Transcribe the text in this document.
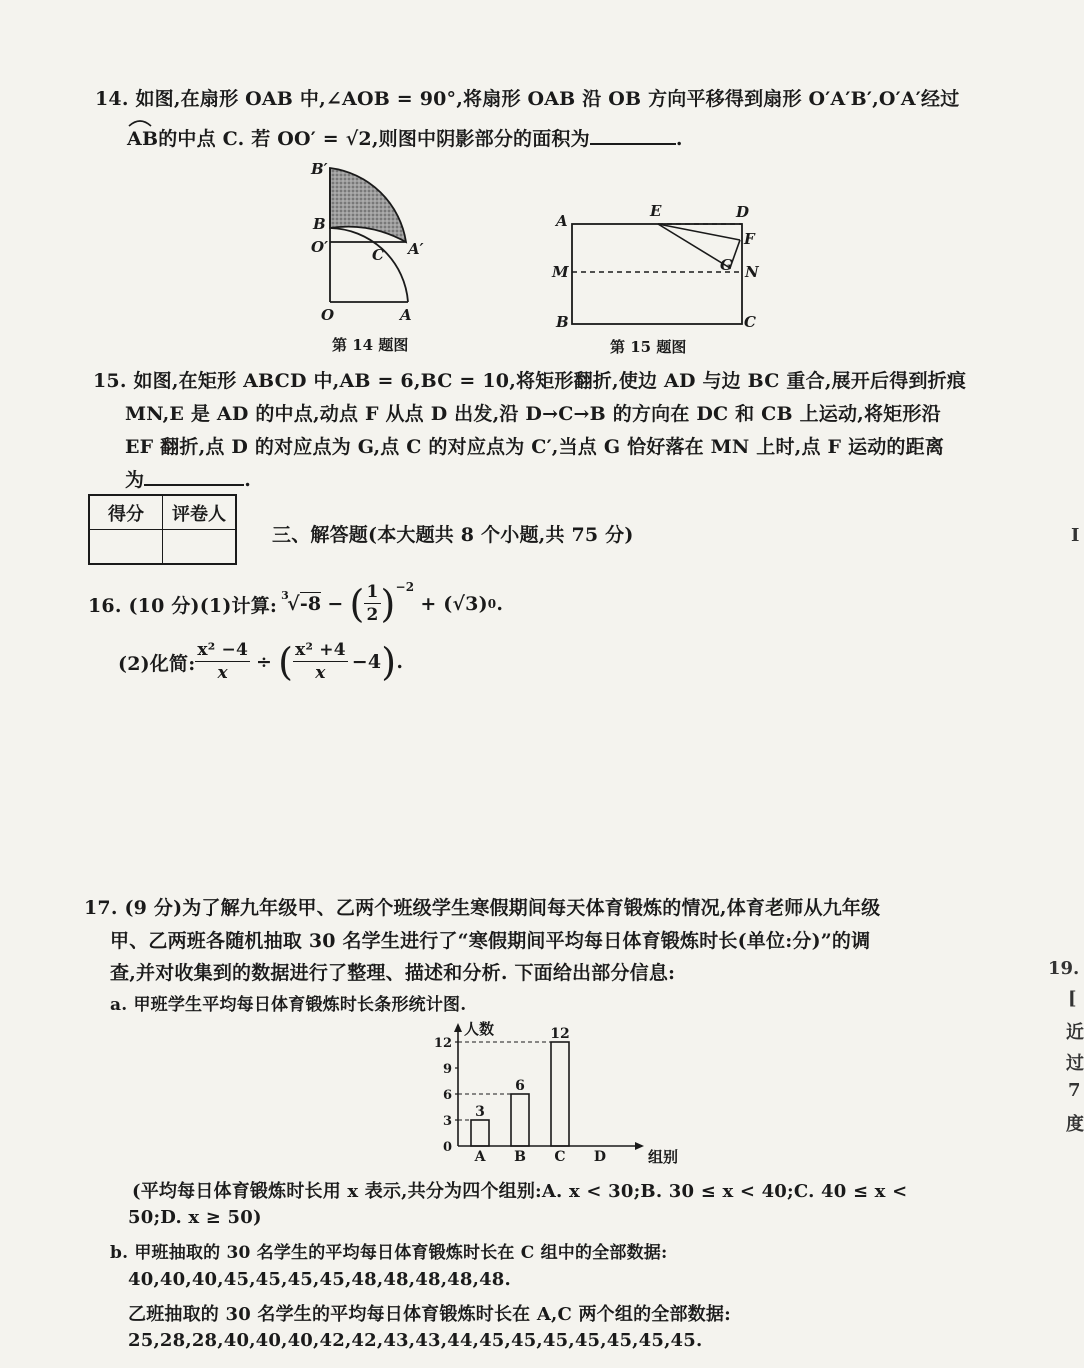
14. 如图,在扇形 OAB 中,∠AOB = 90°,将扇形 OAB 沿 OB 方向平移得到扇形 O′A′B′,O′A′经过
AB的中点 C. 若 OO′ = √2,则图中阴影部分的面积为	.
B′
B
O′	C A′
O	A
第 14 题图
A
E	D
F
G
M	N
B	C
第 15 题图
15. 如图,在矩形 ABCD 中,AB = 6,BC = 10,将矩形翻折,使边 AD 与边 BC 重合,展开后得到折痕
MN,E 是 AD 的中点,动点 F 从点 D 出发,沿 D→C→B 的方向在 DC 和 CB 上运动,将矩形沿
EF 翻折,点 D 的对应点为 G,点 C 的对应点为 C′,当点 G 恰好落在 MN 上时,点 F 运动的距离
为	.
得分	评卷人

三、解答题(本大题共 8 个小题,共 75 分)
16. (10 分)(1)计算: 3
√-8 − ( $\frac{1}{2} )^{-2}$
+ (√3) 0 .
(2)化简: $\frac{\text{x² −4}}{x}$ ÷ ( $\frac{\text{x² +4}}{x} -4$ ) .
17. (9 分)为了解九年级甲、乙两个班级学生寒假期间每天体育锻炼的情况,体育老师从九年级
甲、乙两班各随机抽取 30 名学生进行了“寒假期间平均每日体育锻炼时长(单位:分)”的调
查,并对收集到的数据进行了整理、描述和分析. 下面给出部分信息:
a. 甲班学生平均每日体育锻炼时长条形统计图.
人数
组别
0
3
6
9
12
3
A
6
B
12
C D
(平均每日体育锻炼时长用 x 表示,共分为四个组别:A. x < 30;B. 30 ≤ x < 40;C. 40 ≤ x <
50;D. x ≥ 50)
b. 甲班抽取的 30 名学生的平均每日体育锻炼时长在 C 组中的全部数据:
40,40,40,45,45,45,45,48,48,48,48,48.
乙班抽取的 30 名学生的平均每日体育锻炼时长在 A,C 两个组的全部数据:
25,28,28,40,40,40,42,42,43,43,44,45,45,45,45,45,45,45.
19.
[
近
过
7
度
I
